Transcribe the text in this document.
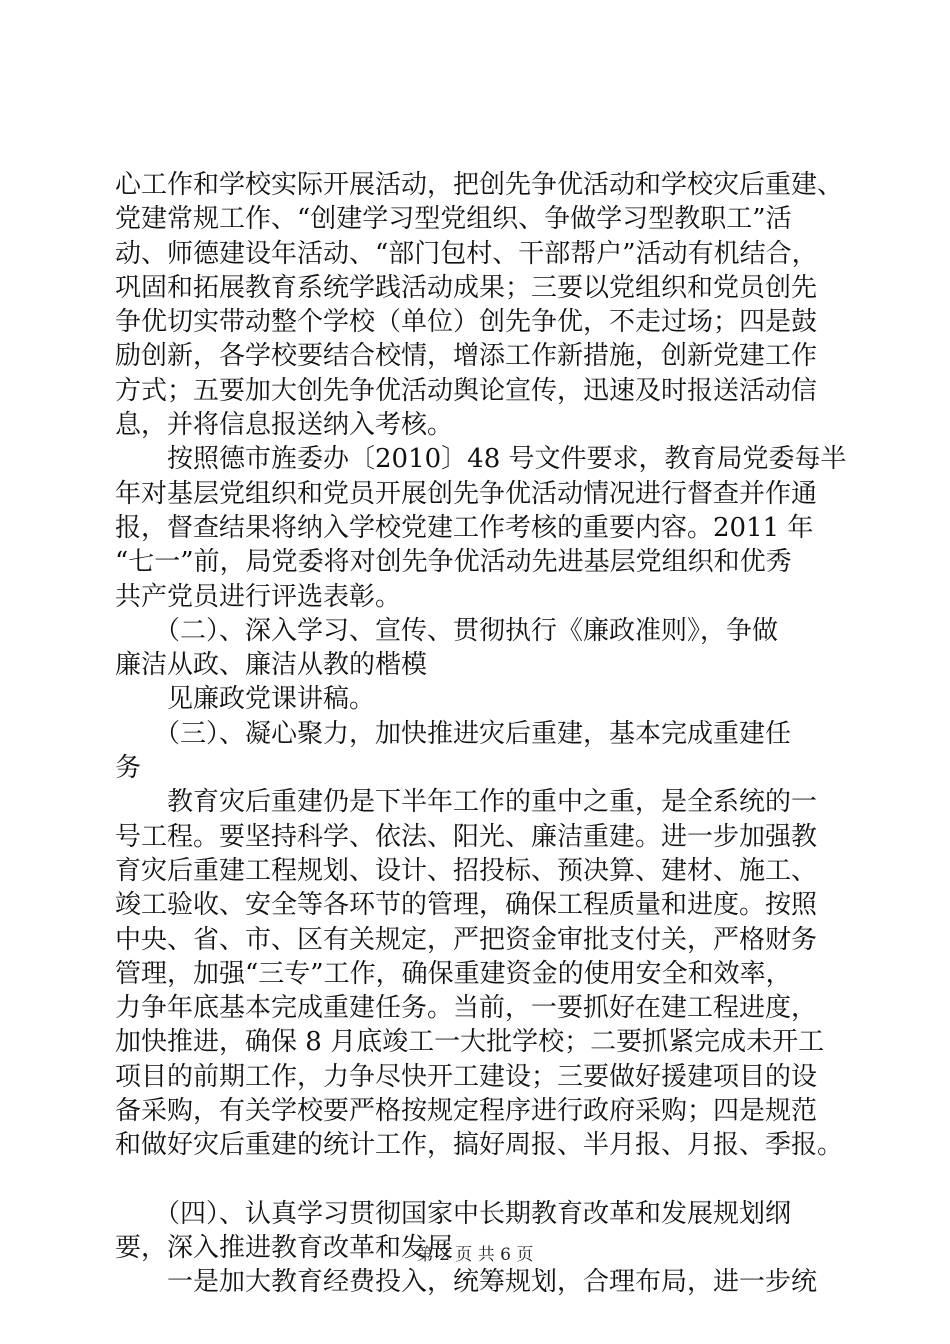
心工作和学校实际开展活动，把创先争优活动和学校灾后重建、
党建常规工作、“创建学习型党组织、争做学习型教职工”活
动、师德建设年活动、“部门包村、干部帮户”活动有机结合，
巩固和拓展教育系统学践活动成果；三要以党组织和党员创先
争优切实带动整个学校（单位）创先争优，不走过场；四是鼓
励创新，各学校要结合校情，增添工作新措施，创新党建工作
方式；五要加大创先争优活动舆论宣传，迅速及时报送活动信
息，并将信息报送纳入考核。
　　按照德市旌委办〔2010〕48 号文件要求，教育局党委每半
年对基层党组织和党员开展创先争优活动情况进行督查并作通
报，督查结果将纳入学校党建工作考核的重要内容。2011 年
“七一”前，局党委将对创先争优活动先进基层党组织和优秀
共产党员进行评选表彰。
　　（二）、深入学习、宣传、贯彻执行《廉政准则》，争做
廉洁从政、廉洁从教的楷模
　　见廉政党课讲稿。
　　（三）、凝心聚力，加快推进灾后重建，基本完成重建任
务
　　教育灾后重建仍是下半年工作的重中之重，是全系统的一
号工程。要坚持科学、依法、阳光、廉洁重建。进一步加强教
育灾后重建工程规划、设计、招投标、预决算、建材、施工、
竣工验收、安全等各环节的管理，确保工程质量和进度。按照
中央、省、市、区有关规定，严把资金审批支付关，严格财务
管理，加强“三专”工作，确保重建资金的使用安全和效率，
力争年底基本完成重建任务。当前，一要抓好在建工程进度，
加快推进，确保 8 月底竣工一大批学校；二要抓紧完成未开工
项目的前期工作，力争尽快开工建设；三要做好援建项目的设
备采购，有关学校要严格按规定程序进行政府采购；四是规范
和做好灾后重建的统计工作，搞好周报、半月报、月报、季报。
　　（四）、认真学习贯彻国家中长期教育改革和发展规划纲
要，深入推进教育改革和发展
　　一是加大教育经费投入，统筹规划，合理布局，进一步统
第 2 页 共 6 页
